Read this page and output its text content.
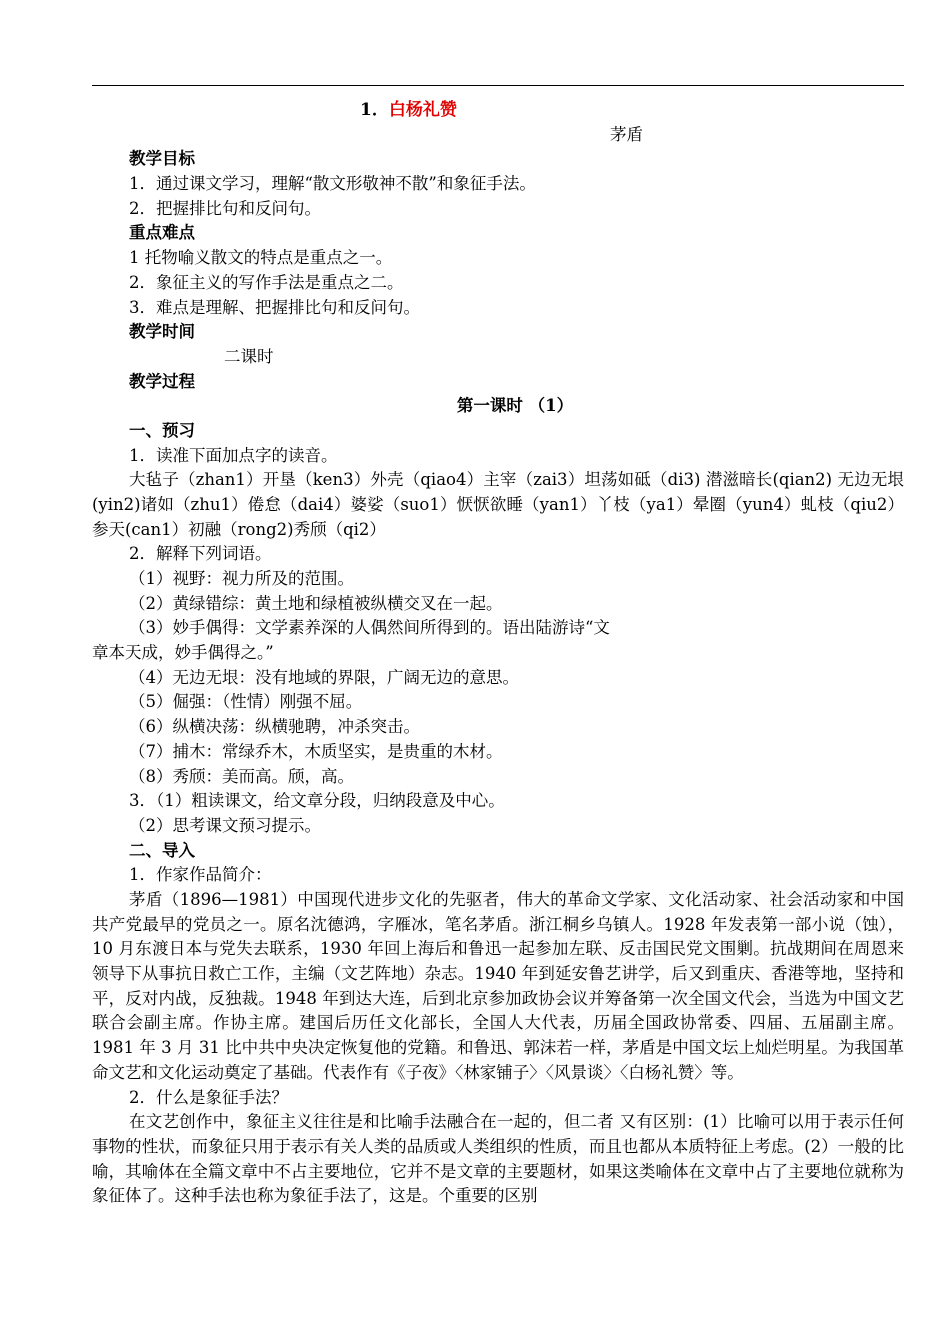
1．白杨礼赞
茅盾
教学目标
1．通过课文学习，理解“散文形敬神不散”和象征手法。
2．把握排比句和反问句。
重点难点
1 托物喻义散文的特点是重点之一。
2．象征主义的写作手法是重点之二。
3．难点是理解、把握排比句和反问句。
教学时间
二课时
教学过程
第一课时 （1）
一、预习
1．读准下面加点字的读音。
大毡子（zhan1）开垦（ken3）外壳（qiao4）主宰（zai3）坦荡如砥（di3) 潜滋暗长(qian2) 无边无垠(yin2)诸如（zhu1）倦怠（dai4）婆娑（suo1）恹恹欲睡（yan1）丫枝（ya1）晕圈（yun4）虬枝（qiu2）参天(can1）初融（rong2)秀颀（qi2）
2．解释下列词语。
（1）视野：视力所及的范围。
（2）黄绿错综：黄土地和绿植被纵横交叉在一起。
（3）妙手偶得：文学素养深的人偶然间所得到的。语出陆游诗“文
章本天成，妙手偶得之。”
（4）无边无垠：没有地域的界限，广阔无边的意思。
（5）倔强：（性情）刚强不屈。
（6）纵横决荡：纵横驰聘，冲杀突击。
（7）捕木：常绿乔木，木质坚实，是贵重的木材。
（8）秀颀：美而高。颀，高。
3．（1）粗读课文，给文章分段，归纳段意及中心。
（2）思考课文预习提示。
二、导入
1．作家作品简介：
茅盾（1896—1981）中国现代进步文化的先驱者，伟大的革命文学家、文化活动家、社会活动家和中国共产党最早的党员之一。原名沈德鸿，字雁冰，笔名茅盾。浙江桐乡乌镇人。1928 年发表第一部小说（蚀），10 月东渡日本与党失去联系，1930 年回上海后和鲁迅一起参加左联、反击国民党文围剿。抗战期间在周恩来领导下从事抗日救亡工作，主编（文艺阵地）杂志。1940 年到延安鲁艺讲学，后又到重庆、香港等地，坚持和平，反对内战，反独裁。1948 年到达大连，后到北京参加政协会议并筹备第一次全国文代会，当选为中国文艺联合会副主席。作协主席。建国后历任文化部长，全国人大代表，历届全国政协常委、四届、五届副主席。1981 年 3 月 31 比中共中央决定恢复他的党籍。和鲁迅、郭沫若一样，茅盾是中国文坛上灿烂明星。为我国革命文艺和文化运动奠定了基础。代表作有《子夜》〈林家铺子〉〈风景谈〉〈白杨礼赞〉等。
2．什么是象征手法？
在文艺创作中，象征主义往往是和比喻手法融合在一起的，但二者 又有区别：(1）比喻可以用于表示任何事物的性状，而象征只用于表示有关人类的品质或人类组织的性质，而且也都从本质特征上考虑。(2）一般的比喻，其喻体在全篇文章中不占主要地位，它并不是文章的主要题材，如果这类喻体在文章中占了主要地位就称为象征体了。这种手法也称为象征手法了，这是。个重要的区别
